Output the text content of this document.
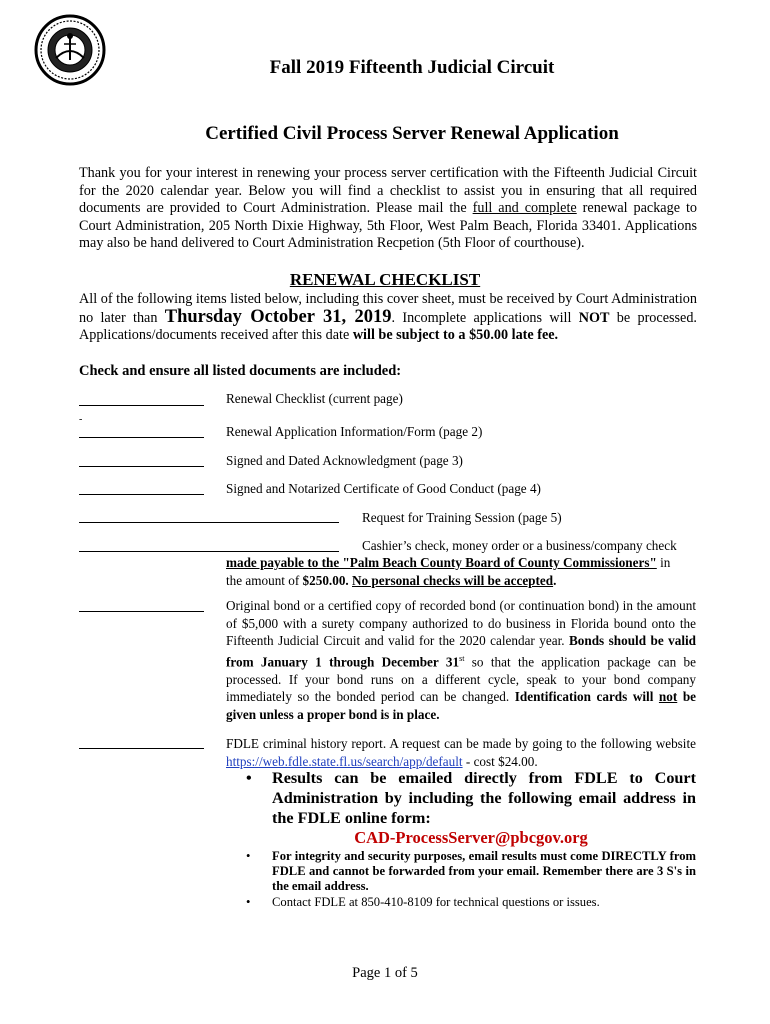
Fall 2019 Fifteenth Judicial Circuit
Certified Civil Process Server Renewal Application

Thank you for your interest in renewing your process server certification with the Fifteenth Judicial Circuit for the 2020 calendar year. Below you will find a checklist to assist you in ensuring that all required documents are provided to Court Administration. Please mail the full and complete renewal package to Court Administration, 205 North Dixie Highway, 5th Floor, West Palm Beach, Florida 33401. Applications may also be hand delivered to Court Administration Recpetion (5th Floor of courthouse).

RENEWAL CHECKLIST

All of the following items listed below, including this cover sheet, must be received by Court Administration no later than Thursday October 31, 2019. Incomplete applications will NOT be processed. Applications/documents received after this date will be subject to a $50.00 late fee.

Check and ensure all listed documents are included:
Renewal Checklist (current page)
-
Renewal Application Information/Form (page 2)
Signed and Dated Acknowledgment (page 3)
Signed and Notarized Certificate of Good Conduct (page 4)
Request for Training Session (page 5)
Cashier’s check, money order or a business/company check
made payable to the "Palm Beach County Board of County Commissioners" in
the amount of $250.00. No personal checks will be accepted.
Original bond or a certified copy of recorded bond (or continuation bond) in the amount of $5,000 with a surety company authorized to do business in Florida bound onto the Fifteenth Judicial Circuit and valid for the 2020 calendar year. Bonds should be valid from January 1 through December 31st so that the application package can be processed. If your bond runs on a different cycle, speak to your bond company immediately so the bonded period can be changed. Identification cards will not be given unless a proper bond is in place.
FDLE criminal history report. A request can be made by going to the following website https://web.fdle.state.fl.us/search/app/default - cost $24.00.
• Results can be emailed directly from FDLE to Court Administration by including the following email address in the FDLE online form:
CAD-ProcessServer@pbcgov.org
•	For integrity and security purposes, email results must come DIRECTLY from FDLE and cannot be forwarded from your email. Remember there are 3 S's in the email address.
•	Contact FDLE at 850-410-8109 for technical questions or issues.
Page 1 of 5
